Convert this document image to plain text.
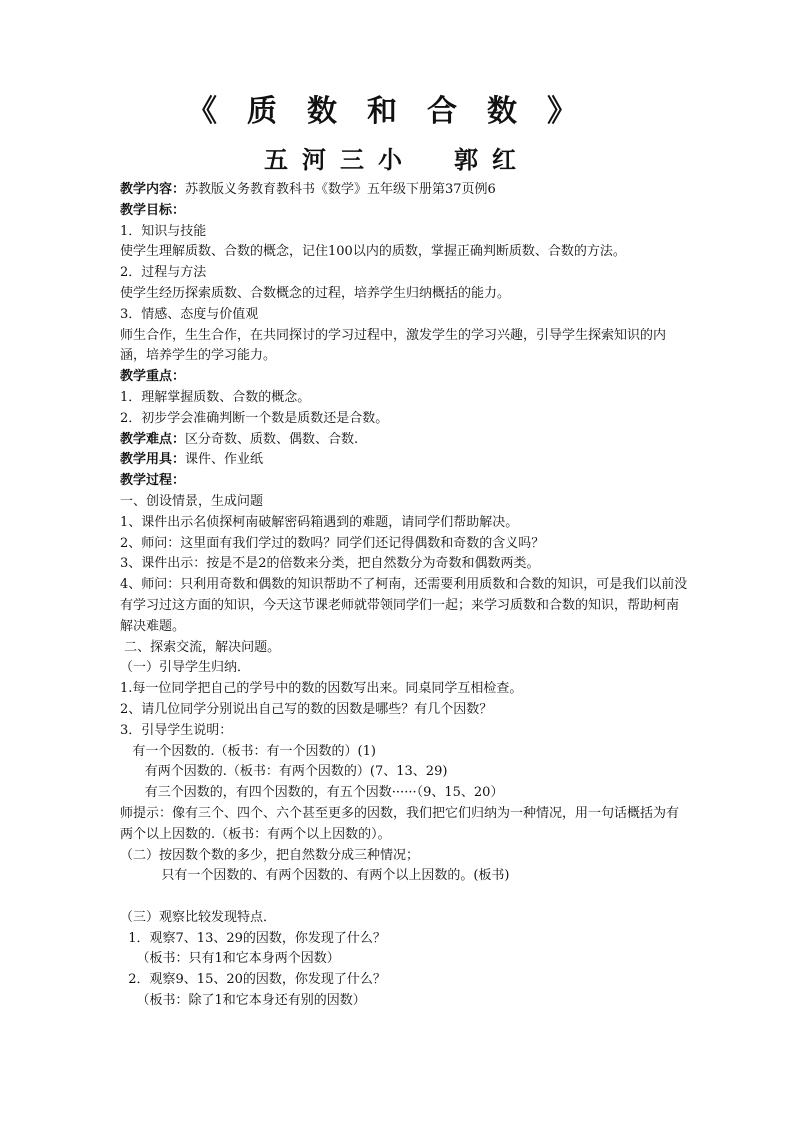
《质数和合数》
五河三小　郭红
教学内容：苏教版义务教育教科书《数学》五年级下册第37页例6
教学目标：
1．知识与技能
使学生理解质数、合数的概念，记住100以内的质数，掌握正确判断质数、合数的方法。
2．过程与方法
使学生经历探索质数、合数概念的过程，培养学生归纳概括的能力。
3．情感、态度与价值观
师生合作，生生合作，在共同探讨的学习过程中，激发学生的学习兴趣，引导学生探索知识的内涵，培养学生的学习能力。
教学重点：
1．理解掌握质数、合数的概念。
2．初步学会准确判断一个数是质数还是合数。
教学难点：区分奇数、质数、偶数、合数.
教学用具：课件、作业纸
教学过程：
一、创设情景，生成问题
1、课件出示名侦探柯南破解密码箱遇到的难题，请同学们帮助解决。
2、师问：这里面有我们学过的数吗？同学们还记得偶数和奇数的含义吗？
3、课件出示：按是不是2的倍数来分类，把自然数分为奇数和偶数两类。
4、师问：只利用奇数和偶数的知识帮助不了柯南，还需要利用质数和合数的知识，可是我们以前没有学习过这方面的知识，今天这节课老师就带领同学们一起；来学习质数和合数的知识，帮助柯南解决难题。
二、探索交流，解决问题。
（一）引导学生归纳．
1.每一位同学把自己的学号中的数的因数写出来。同桌同学互相检查。
2、请几位同学分别说出自己写的数的因数是哪些？有几个因数？
3．引导学生说明：
有一个因数的.（板书：有一个因数的）(1)
有两个因数的.（板书：有两个因数的）(7、13、29)
有三个因数的，有四个因数的，有五个因数······（9、15、20）
师提示：像有三个、四个、六个甚至更多的因数，我们把它们归纳为一种情况，用一句话概括为有两个以上因数的.（板书：有两个以上因数的）。
（二）按因数个数的多少，把自然数分成三种情况；
只有一个因数的、有两个因数的、有两个以上因数的。(板书)
（三）观察比较发现特点．
1．观察7、13、29的因数，你发现了什么？
（板书：只有1和它本身两个因数）
2．观察9、15、20的因数，你发现了什么？
（板书：除了1和它本身还有别的因数）
